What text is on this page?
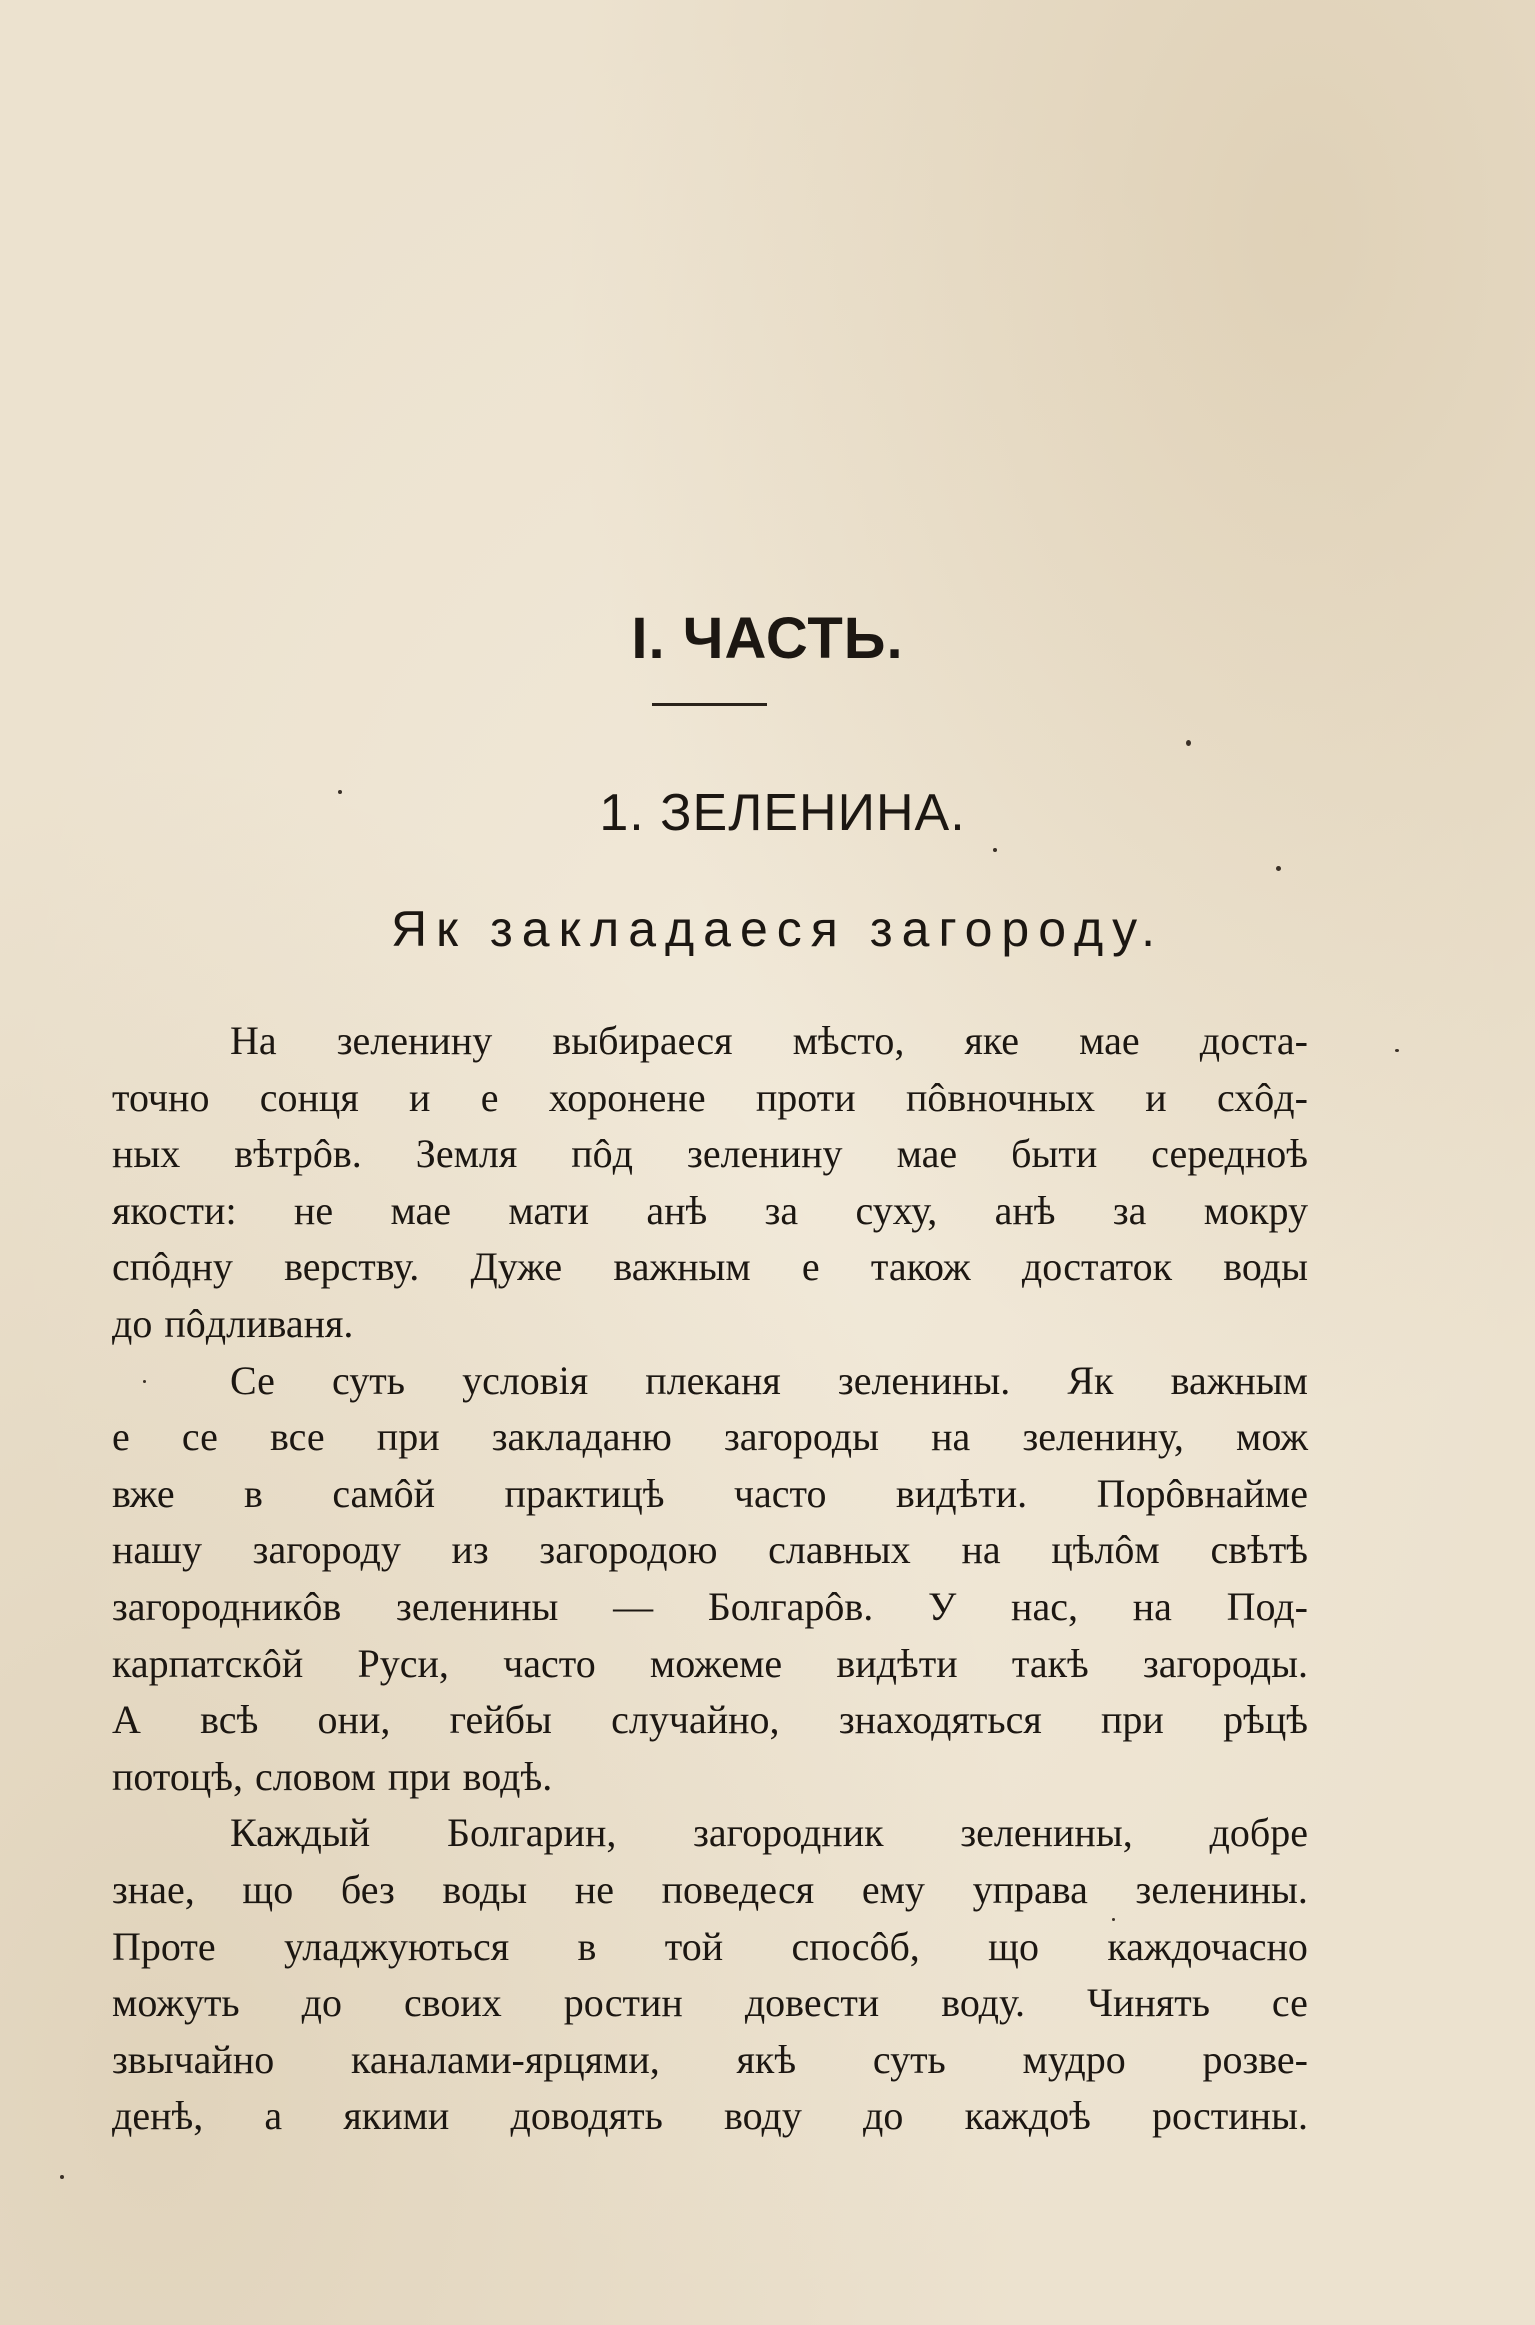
I. ЧАСТЬ.
1. ЗЕЛЕНИНА.
Як закладаеся загороду.
На зеленину выбираеся мѣсто, яке мае доста-
точно сонця и е хоронене проти пôвночных и схôд-
ных вѣтрôв. Земля пôд зеленину мае быти середноѣ
якости: не мае мати анѣ за суху, анѣ за мокру
спôдну верству. Дуже важным е також достаток воды
до пôдливаня.
Се суть условія плеканя зеленины. Як важным
е се все при закладаню загороды на зеленину, мож
вже в самôй практицѣ часто видѣти. Порôвнайме
нашу загороду из загородою славных на цѣлôм свѣтѣ
загородникôв зеленины — Болгарôв. У нас, на Под-
карпатскôй Руси, часто можеме видѣти такѣ загороды.
А всѣ они, гейбы случайно, знаходяться при рѣцѣ
потоцѣ, словом при водѣ.
Каждый Болгарин, загородник зеленины, добре
знае, що без воды не поведеся ему управа зеленины.
Проте уладжуються в той спосôб, що каждочасно
можуть до своих ростин довести воду. Чинять се
звычайно каналами-ярцями, якѣ суть мудро розве-
денѣ, а якими доводять воду до каждоѣ ростины.
